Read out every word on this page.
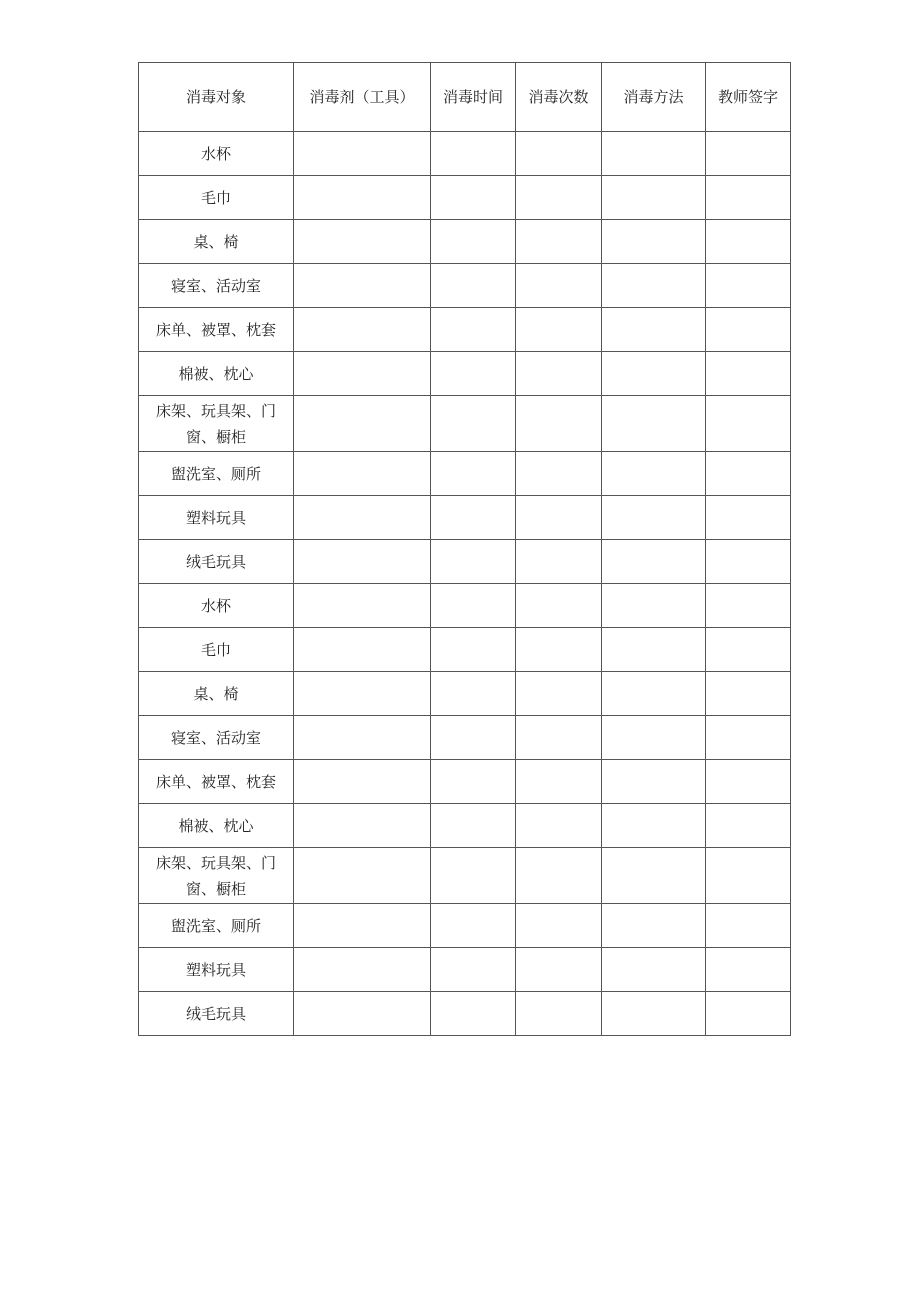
消毒对象	消毒剂（工具）	消毒时间	消毒次数	消毒方法	教师签字
水杯					
毛巾					
桌、椅					
寝室、活动室					
床单、被罩、枕套					
棉被、枕心					
床架、玩具架、门窗、橱柜					
盥洗室、厕所					
塑料玩具					
绒毛玩具					
水杯					
毛巾					
桌、椅					
寝室、活动室					
床单、被罩、枕套					
棉被、枕心					
床架、玩具架、门窗、橱柜					
盥洗室、厕所					
塑料玩具					
绒毛玩具					
